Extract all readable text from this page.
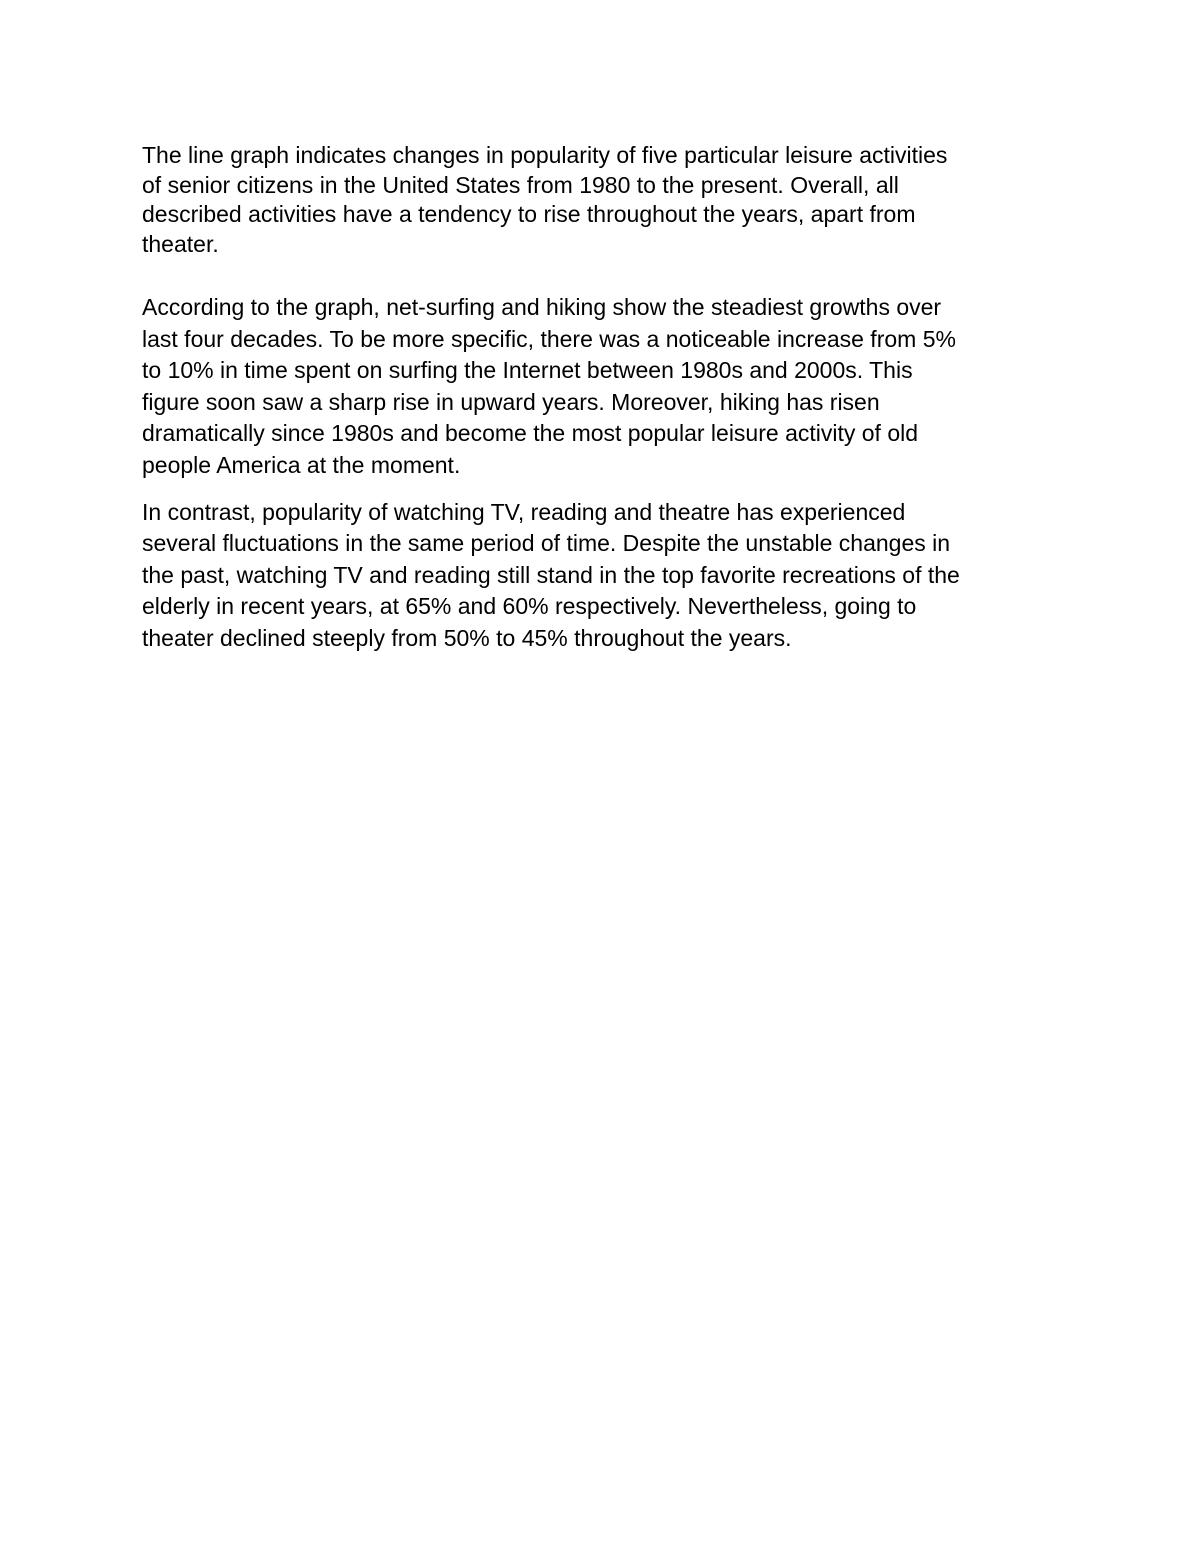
The line graph indicates changes in popularity of five particular leisure activities
of senior citizens in the United States from 1980 to the present. Overall, all
described activities have a tendency to rise throughout the years, apart from
theater.

According to the graph, net-surfing and hiking show the steadiest growths over
last four decades. To be more specific, there was a noticeable increase from 5%
to 10% in time spent on surfing the Internet between 1980s and 2000s. This
figure soon saw a sharp rise in upward years. Moreover, hiking has risen
dramatically since 1980s and become the most popular leisure activity of old
people America at the moment.

In contrast, popularity of watching TV, reading and theatre has experienced
several fluctuations in the same period of time. Despite the unstable changes in
the past, watching TV and reading still stand in the top favorite recreations of the
elderly in recent years, at 65% and 60% respectively. Nevertheless, going to
theater declined steeply from 50% to 45% throughout the years.
